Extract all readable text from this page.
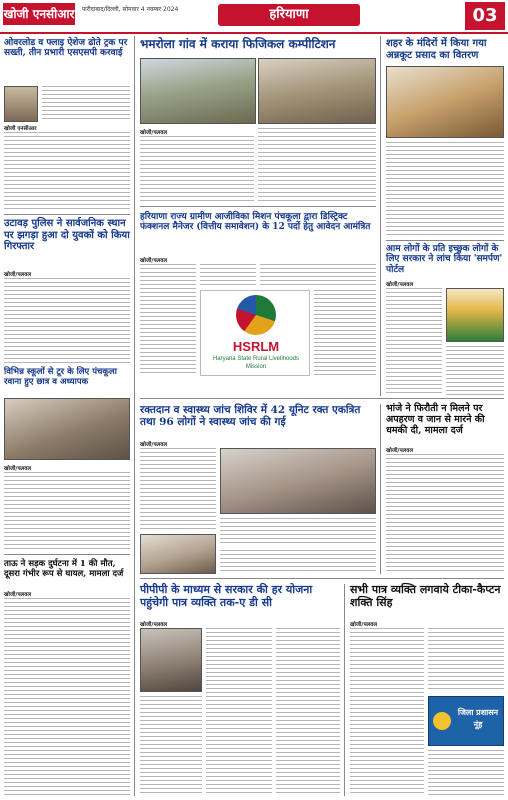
खोजी एनसीआर फरीदाबाद/दिल्ली, सोमवार 4 नवम्बर 2024	हरियाणा	03
ओवरलोड व फ्लाइ ऐशेज ढोते ट्रक पर सख्ती, तीन प्रभारी एसएसपी करवाई
खोजी एनसीआर
उटावड़ पुलिस ने सार्वजनिक स्थान पर झगड़ा हुआ दो युवकों को किया गिरफ्तार
खोजी/पलवल
विभिन्न स्कूलों से टूर के लिए पंचकूला रवाना हुए छात्र व अध्यापक
खोजी/पलवल
ताऊ ने सड़क दुर्घटना में 1 की मौत, दूसरा गंभीर रूप से घायल, मामला दर्ज
खोजी/पलवल
भमरोला गांव में कराया फिजिकल कम्पीटिशन
खोजी/पलवल
हरियाणा राज्य ग्रामीण आजीविका मिशन पंचकूला द्वारा डिस्ट्रिक्ट फंक्शनल मैनेजर (वित्तीय समावेशन) के 12 पदों हेतु आवेदन आमंत्रित
खोजी/पलवल
HSRLM
Haryana State Rural Livelihoods Mission
शहर के मंदिरों में किया गया अन्नकूट प्रसाद का वितरण
आम लोगों के प्रति इच्छुक लोगों के लिए सरकार ने लांच किया 'समर्पण' पोर्टल
खोजी/पलवल
रक्तदान व स्वास्थ्य जांच शिविर में 42 यूनिट रक्त एकत्रित तथा 96 लोगों ने स्वास्थ्य जांच की गई
खोजी/पलवल
भांजे ने फिरौती न मिलने पर अपहरण व जान से मारने की धमकी दी, मामला दर्ज
खोजी/पलवल
पीपीपी के माध्यम से सरकार की हर योजना पहुंचेगी पात्र व्यक्ति तक-ए डी सी
खोजी/पलवल
सभी पात्र व्यक्ति लगवाये टीका-कैप्टन शक्ति सिंह
खोजी/पलवल
जिला प्रशासन नूंह
